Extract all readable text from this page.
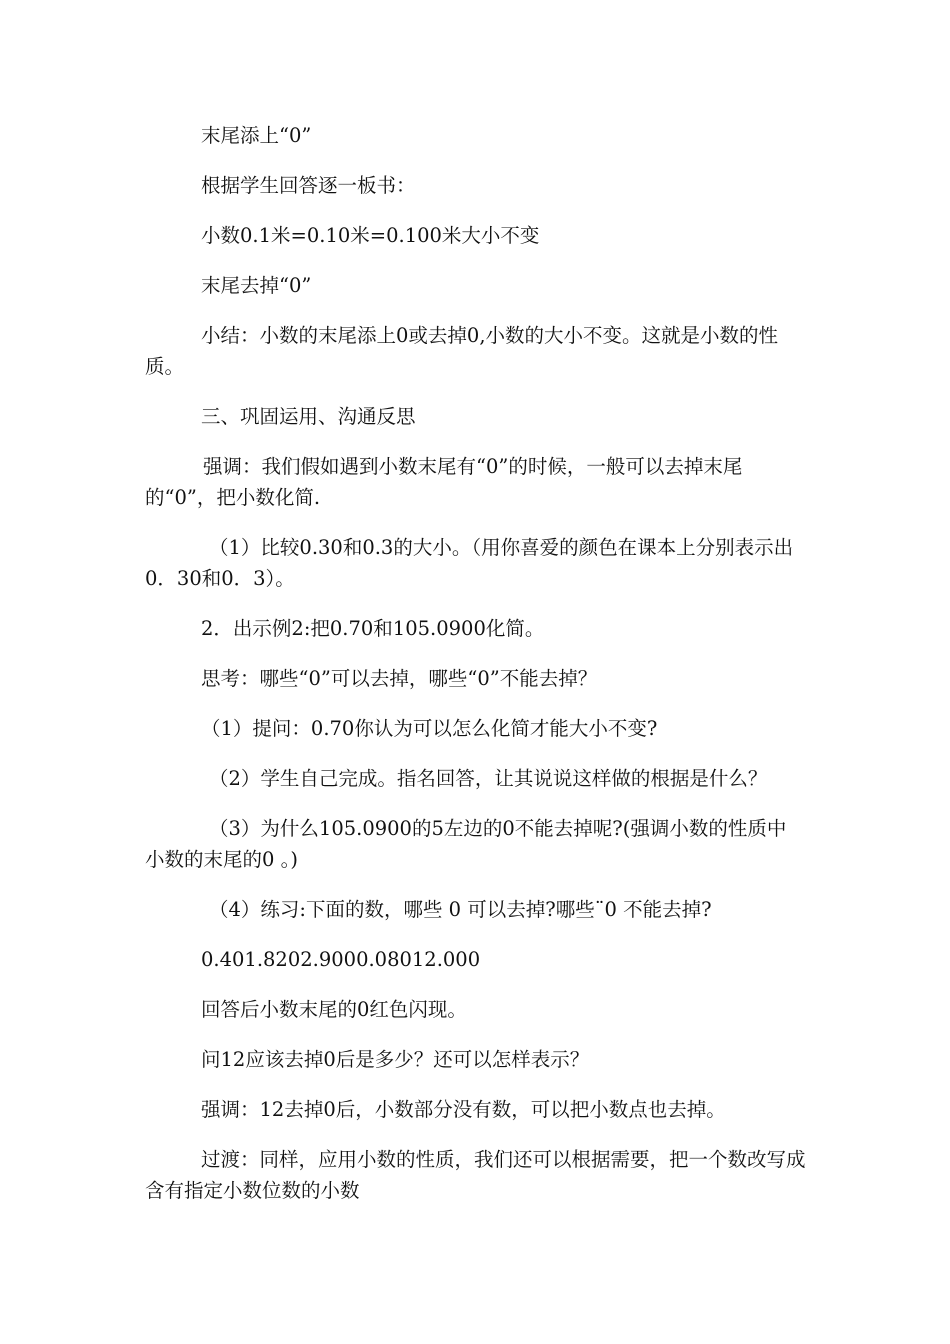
末尾添上“0”

根据学生回答逐一板书：

小数0.1米=0.10米=0.100米大小不变

末尾去掉“0”

小结：小数的末尾添上0或去掉0,小数的大小不变。这就是小数的性质。

三、巩固运用、沟通反思

强调：我们假如遇到小数末尾有“0”的时候，一般可以去掉末尾的“0”，把小数化简.

（1）比较0.30和0.3的大小。（用你喜爱的颜色在课本上分别表示出0．30和0．3）。

2．出示例2:把0.70和105.0900化简。

思考：哪些“0”可以去掉，哪些“0”不能去掉？

（1）提问：0.70你认为可以怎么化简才能大小不变?

（2）学生自己完成。指名回答，让其说说这样做的根据是什么？

（3）为什么105.0900的5左边的0不能去掉呢?(强调小数的性质中 小数的末尾的0 。)

（4）练习:下面的数，哪些 0 可以去掉?哪些¨0 不能去掉?

0.401.8202.9000.08012.000

回答后小数末尾的0红色闪现。

问12应该去掉0后是多少？还可以怎样表示？

强调：12去掉0后，小数部分没有数，可以把小数点也去掉。

过渡：同样，应用小数的性质，我们还可以根据需要，把一个数改写成含有指定小数位数的小数
